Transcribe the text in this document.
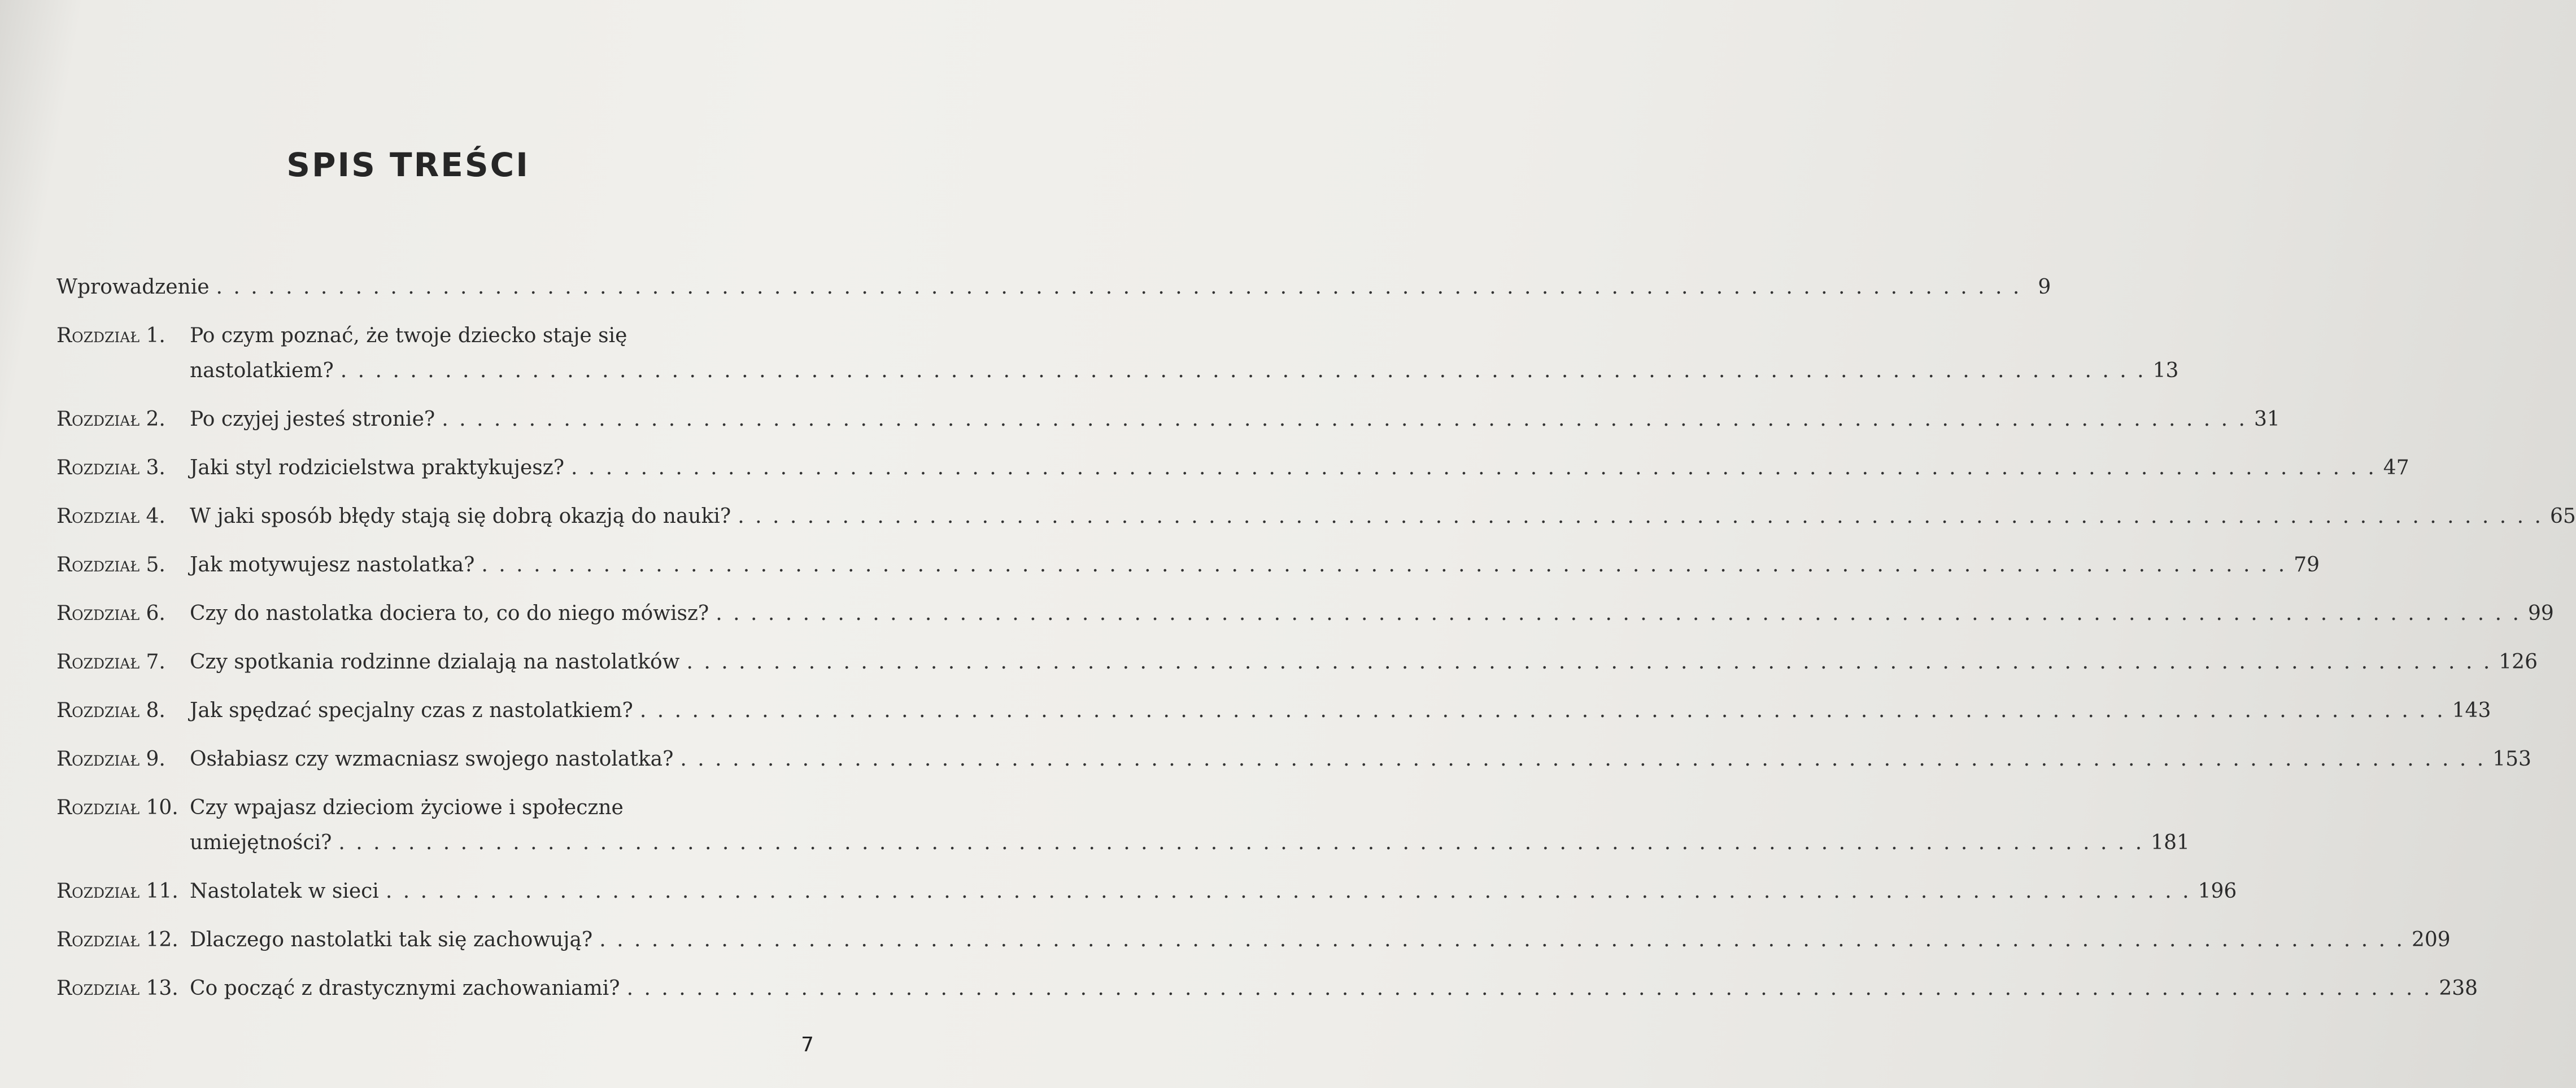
SPIS TREŚCI
Wprowadzenie . . .	9
Rozdział 1.	Po czym poznać, że twoje dziecko staje się
nastolatkiem? . . .	13
Rozdział 2.	Po czyjej jesteś stronie? . . .	31
Rozdział 3.	Jaki styl rodzicielstwa praktykujesz? . . .	47
Rozdział 4.	W jaki sposób błędy stają się dobrą okazją do nauki? . . .	65
Rozdział 5.	Jak motywujesz nastolatka? . . .	79
Rozdział 6.	Czy do nastolatka dociera to, co do niego mówisz? . . .	99
Rozdział 7.	Czy spotkania rodzinne dzialają na nastolatków . . .	126
Rozdział 8.	Jak spędzać specjalny czas z nastolatkiem? . . .	143
Rozdział 9.	Osłabiasz czy wzmacniasz swojego nastolatka? . . .	153
Rozdział 10. Czy wpajasz dzieciom życiowe i społeczne
umiejętności? . . .	181
Rozdział 11. Nastolatek w sieci . . .	196
Rozdział 12. Dlaczego nastolatki tak się zachowują? . . .	209
Rozdział 13. Co począć z drastycznymi zachowaniami? . . .	238
7
